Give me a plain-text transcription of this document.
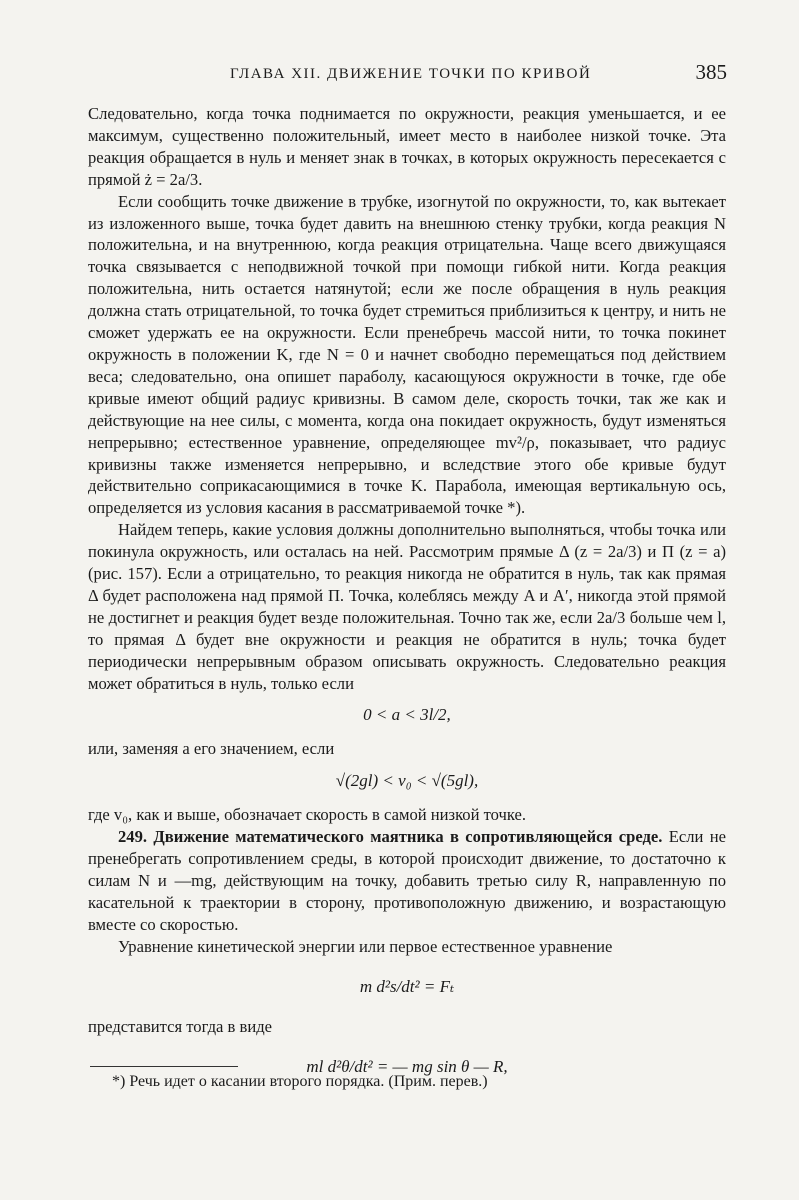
ГЛАВА XII. ДВИЖЕНИЕ ТОЧКИ ПО КРИВОЙ	385

Следовательно, когда точка поднимается по окружности, реакция уменьшается, и ее максимум, существенно положительный, имеет место в наиболее низкой точке. Эта реакция обращается в нуль и меняет знак в точках, в которых окружность пересекается с прямой ż = 2a/3.

Если сообщить точке движение в трубке, изогнутой по окружности, то, как вытекает из изложенного выше, точка будет давить на внешнюю стенку трубки, когда реакция N положительна, и на внутреннюю, когда реакция отрицательна. Чаще всего движущаяся точка связывается с неподвижной точкой при помощи гибкой нити. Когда реакция положительна, нить остается натянутой; если же после обращения в нуль реакция должна стать отрицательной, то точка будет стремиться приблизиться к центру, и нить не сможет удержать ее на окружности. Если пренебречь массой нити, то точка покинет окружность в положении K, где N = 0 и начнет свободно перемещаться под действием веса; следовательно, она опишет параболу, касающуюся окружности в точке, где обе кривые имеют общий радиус кривизны. В самом деле, скорость точки, так же как и действующие на нее силы, с момента, когда она покидает окружность, будут изменяться непрерывно; естественное уравнение, определяющее mv²/ρ, показывает, что радиус кривизны также изменяется непрерывно, и вследствие этого обе кривые будут действительно соприкасающимися в точке K. Парабола, имеющая вертикальную ось, определяется из условия касания в рассматриваемой точке *).

Найдем теперь, какие условия должны дополнительно выполняться, чтобы точка или покинула окружность, или осталась на ней. Рассмотрим прямые Δ (z = 2a/3) и Π (z = a) (рис. 157). Если a отрицательно, то реакция никогда не обратится в нуль, так как прямая Δ будет расположена над прямой Π. Точка, колеблясь между A и A′, никогда этой прямой не достигнет и реакция будет везде положительная. Точно так же, если 2a/3 больше чем l, то прямая Δ будет вне окружности и реакция не обратится в нуль; точка будет периодически непрерывным образом описывать окружность. Следовательно реакция может обратиться в нуль, только если

0 < a < 3l/2,

или, заменяя a его значением, если

√(2gl) < v₀ < √(5gl),

где v₀, как и выше, обозначает скорость в самой низкой точке.

249. Движение математического маятника в сопротивляющейся среде. Если не пренебрегать сопротивлением среды, в которой происходит движение, то достаточно к силам N и —mg, действующим на точку, добавить третью силу R, направленную по касательной к траектории в сторону, противоположную движению, и возрастающую вместе со скоростью.

Уравнение кинетической энергии или первое естественное уравнение

m d²s/dt² = Fₜ

представится тогда в виде

ml d²θ/dt² = — mg sin θ — R,
*) Речь идет о касании второго порядка. (Прим. перев.)
